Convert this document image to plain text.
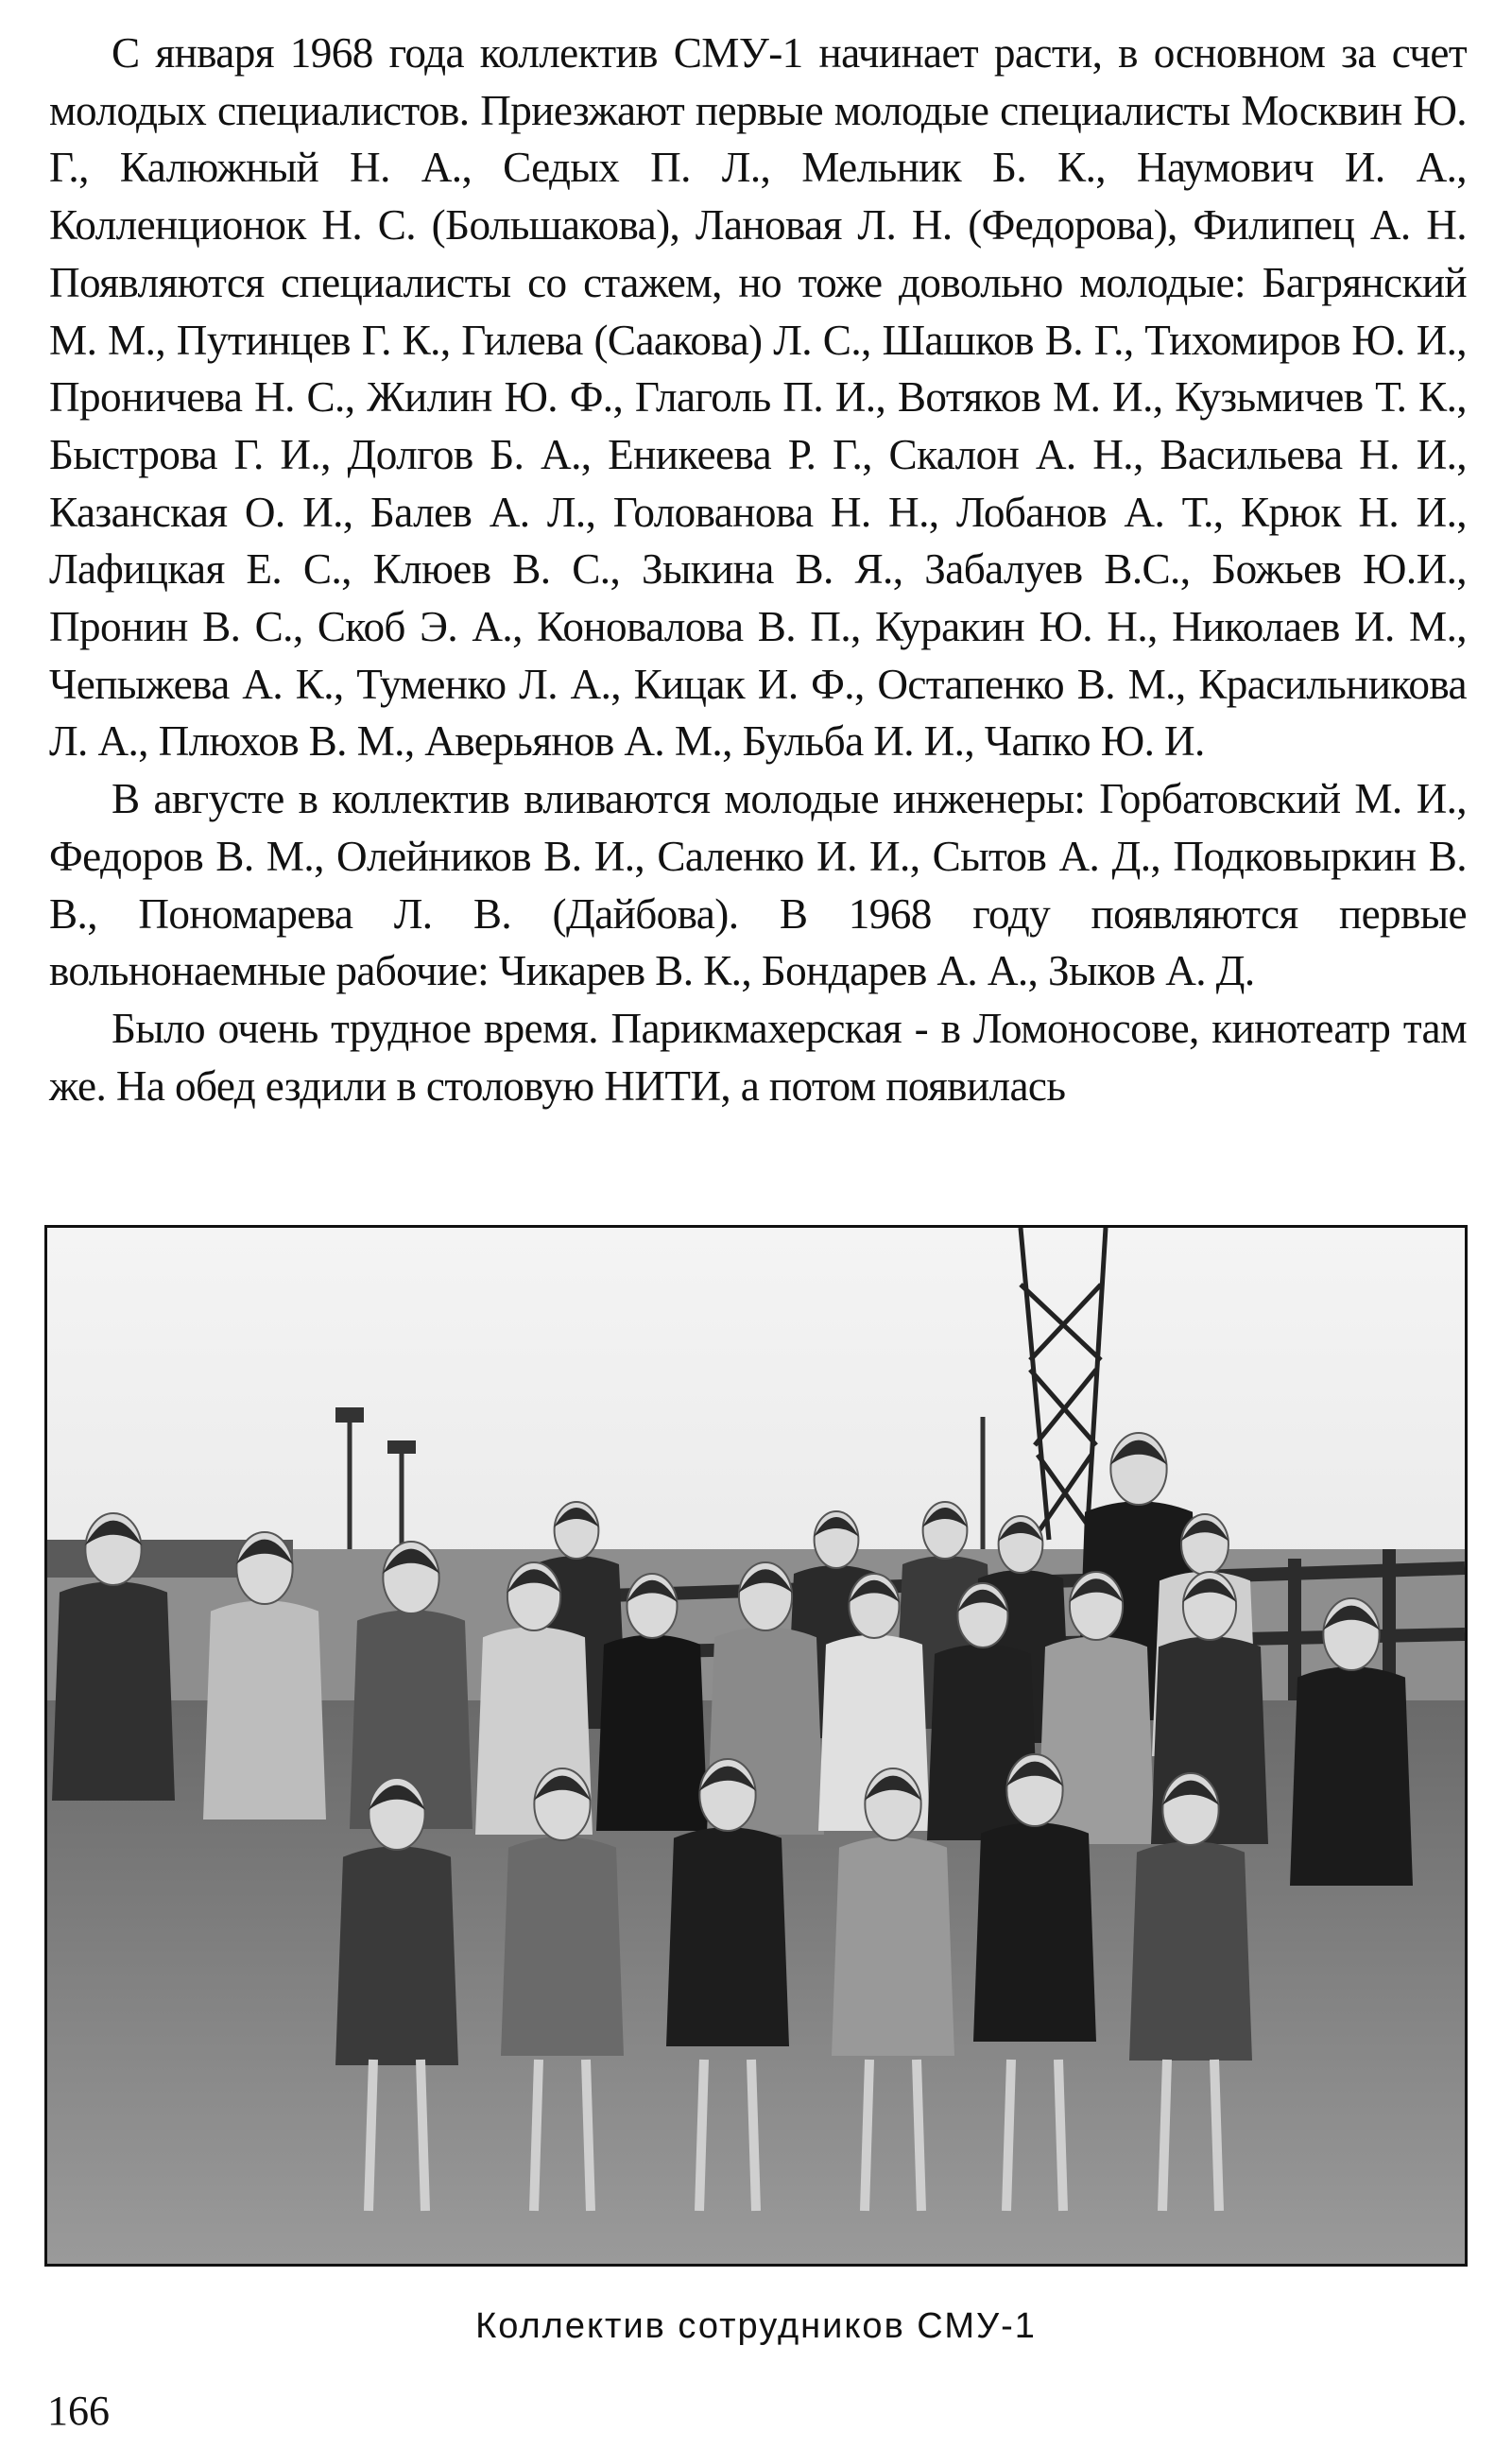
С января 1968 года коллектив СМУ-1 начинает расти, в основном за счет молодых специалистов. Приезжают первые молодые специалисты Москвин Ю. Г., Калюжный Н. А., Седых П. Л., Мельник Б. К., Наумович И. А., Колленционок Н. С. (Большакова), Лановая Л. Н. (Федорова), Филипец А. Н. Появляются специалисты со стажем, но тоже довольно молодые: Багрянский М. М., Путинцев Г. К., Гилева (Саакова) Л. С., Шашков В. Г., Тихомиров Ю. И., Проничева Н. С., Жилин Ю. Ф., Глаголь П. И., Вотяков М. И., Кузьмичев Т. К., Быстрова Г. И., Долгов Б. А., Еникеева Р. Г., Скалон А. Н., Васильева Н. И., Казанская О. И., Балев А. Л., Голованова Н. Н., Лобанов А. Т., Крюк Н. И., Лафицкая Е. С., Клюев В. С., Зыкина В. Я., Забалуев В.С., Божьев Ю.И., Пронин В. С., Скоб Э. А., Коновалова В. П., Куракин Ю. Н., Николаев И. М., Чепыжева А. К., Туменко Л. А., Кицак И. Ф., Остапенко В. М., Красильникова Л. А., Плюхов В. М., Аверьянов А. М., Бульба И. И., Чапко Ю. И.

В августе в коллектив вливаются молодые инженеры: Горбатовский М. И., Федоров В. М., Олейников В. И., Саленко И. И., Сытов А. Д., Подковыркин В. В., Пономарева Л. В. (Дайбова). В 1968 году появляются первые вольнонаемные рабочие: Чикарев В. К., Бондарев А. А., Зыков А. Д.

Было очень трудное время. Парикмахерская - в Ломоносове, кинотеатр там же. На обед ездили в столовую НИТИ, а потом появилась

Коллектив сотрудников СМУ-1
166
